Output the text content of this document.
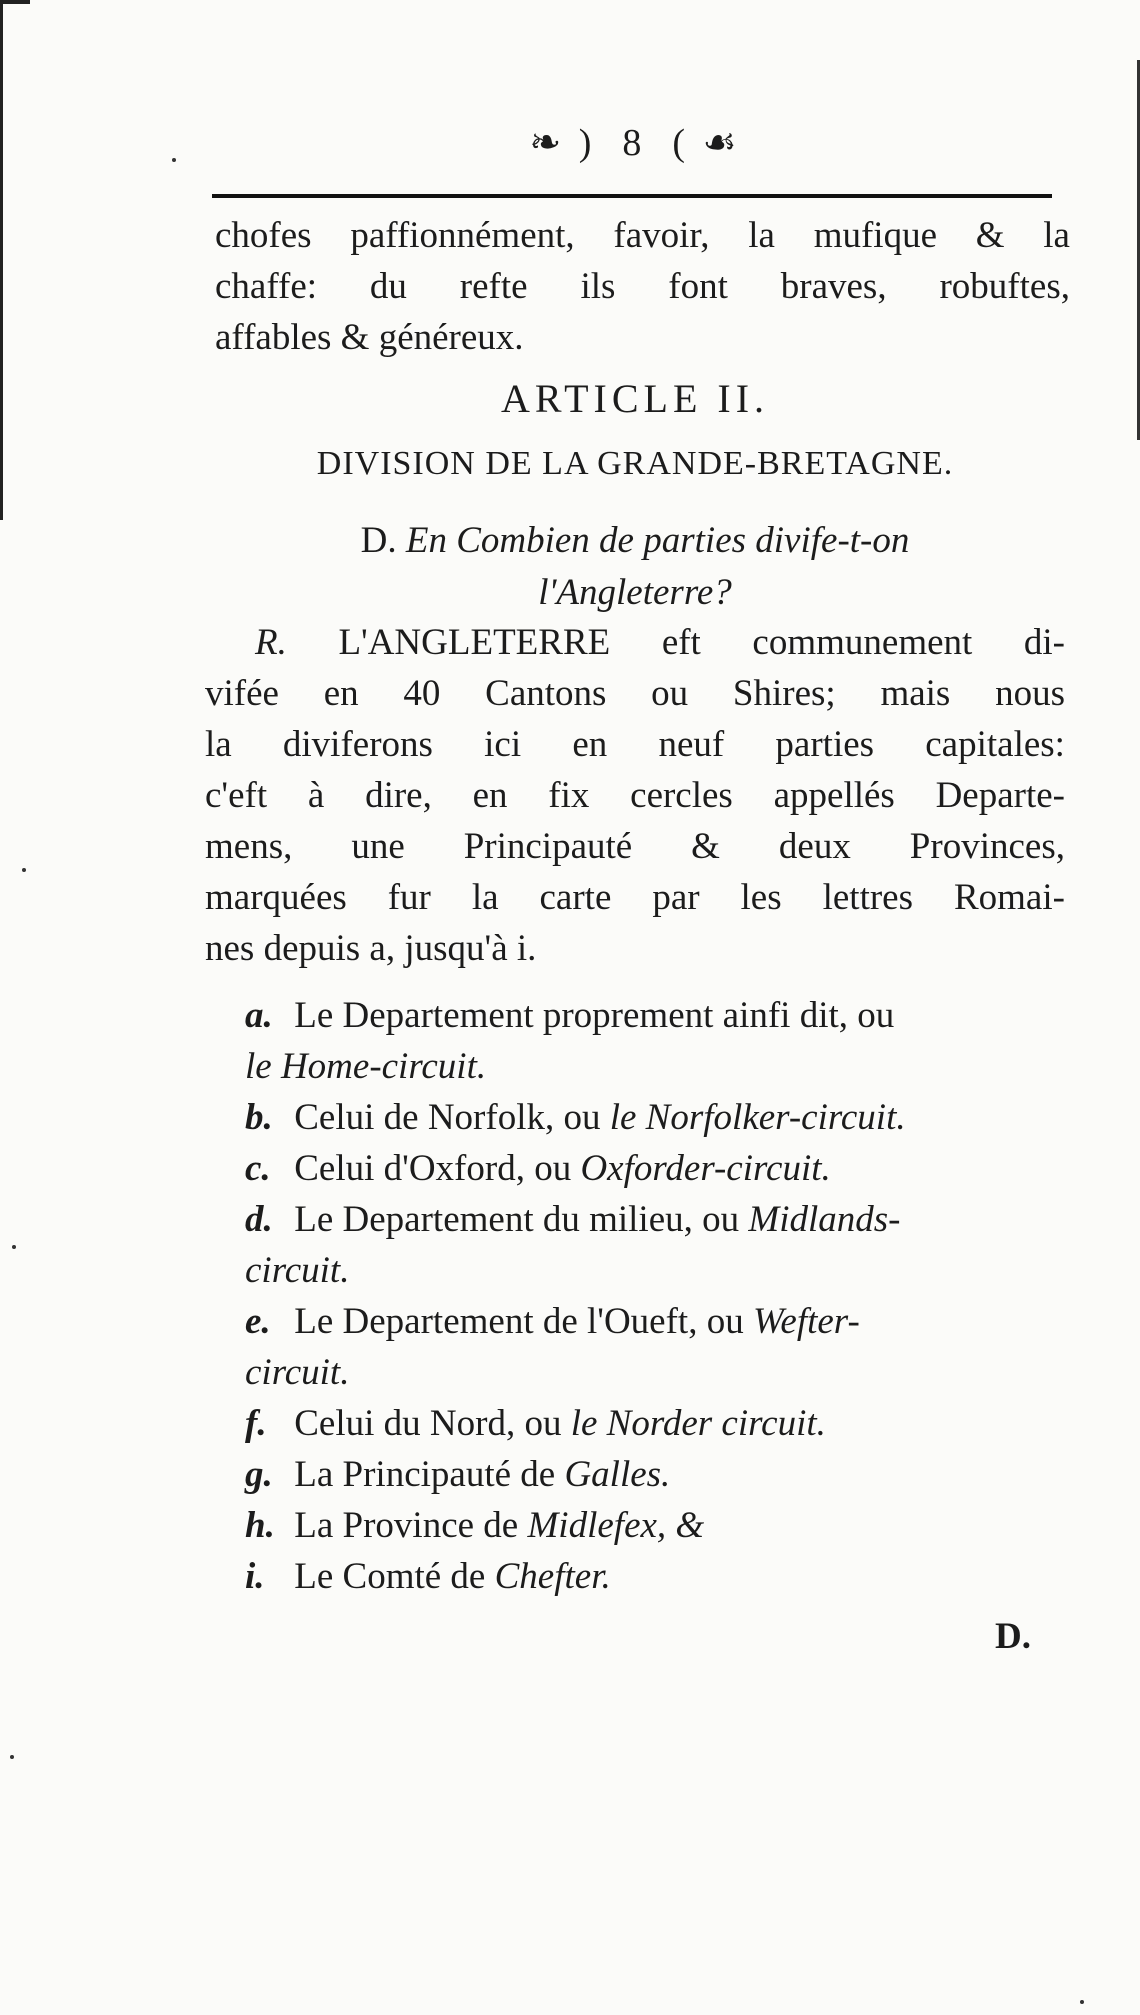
❧ ) 8 ( ☙
chofes paffionnément, favoir, la mufique & la
chaffe: du refte ils font braves, robuftes,
affables & généreux.
ARTICLE II.
DIVISION DE LA GRANDE-BRETAGNE.
D. En Combien de parties divife-t-on
l'Angleterre?
R. L'ANGLETERRE eft communement di-
vifée en 40 Cantons ou Shires; mais nous
la diviferons ici en neuf parties capitales:
c'eft à dire, en fix cercles appellés Departe-
mens, une Principauté & deux Provinces,
marquées fur la carte par les lettres Romai-
nes depuis a, jusqu'à i.
a. Le Departement proprement ainfi dit, ou
le Home-circuit.
b. Celui de Norfolk, ou le Norfolker-circuit.
c. Celui d'Oxford, ou Oxforder-circuit.
d. Le Departement du milieu, ou Midlands-
circuit.
e. Le Departement de l'Oueft, ou Wefter-
circuit.
f. Celui du Nord, ou le Norder circuit.
g. La Principauté de Galles.
h. La Province de Midlefex, &
i. Le Comté de Chefter.
D.
